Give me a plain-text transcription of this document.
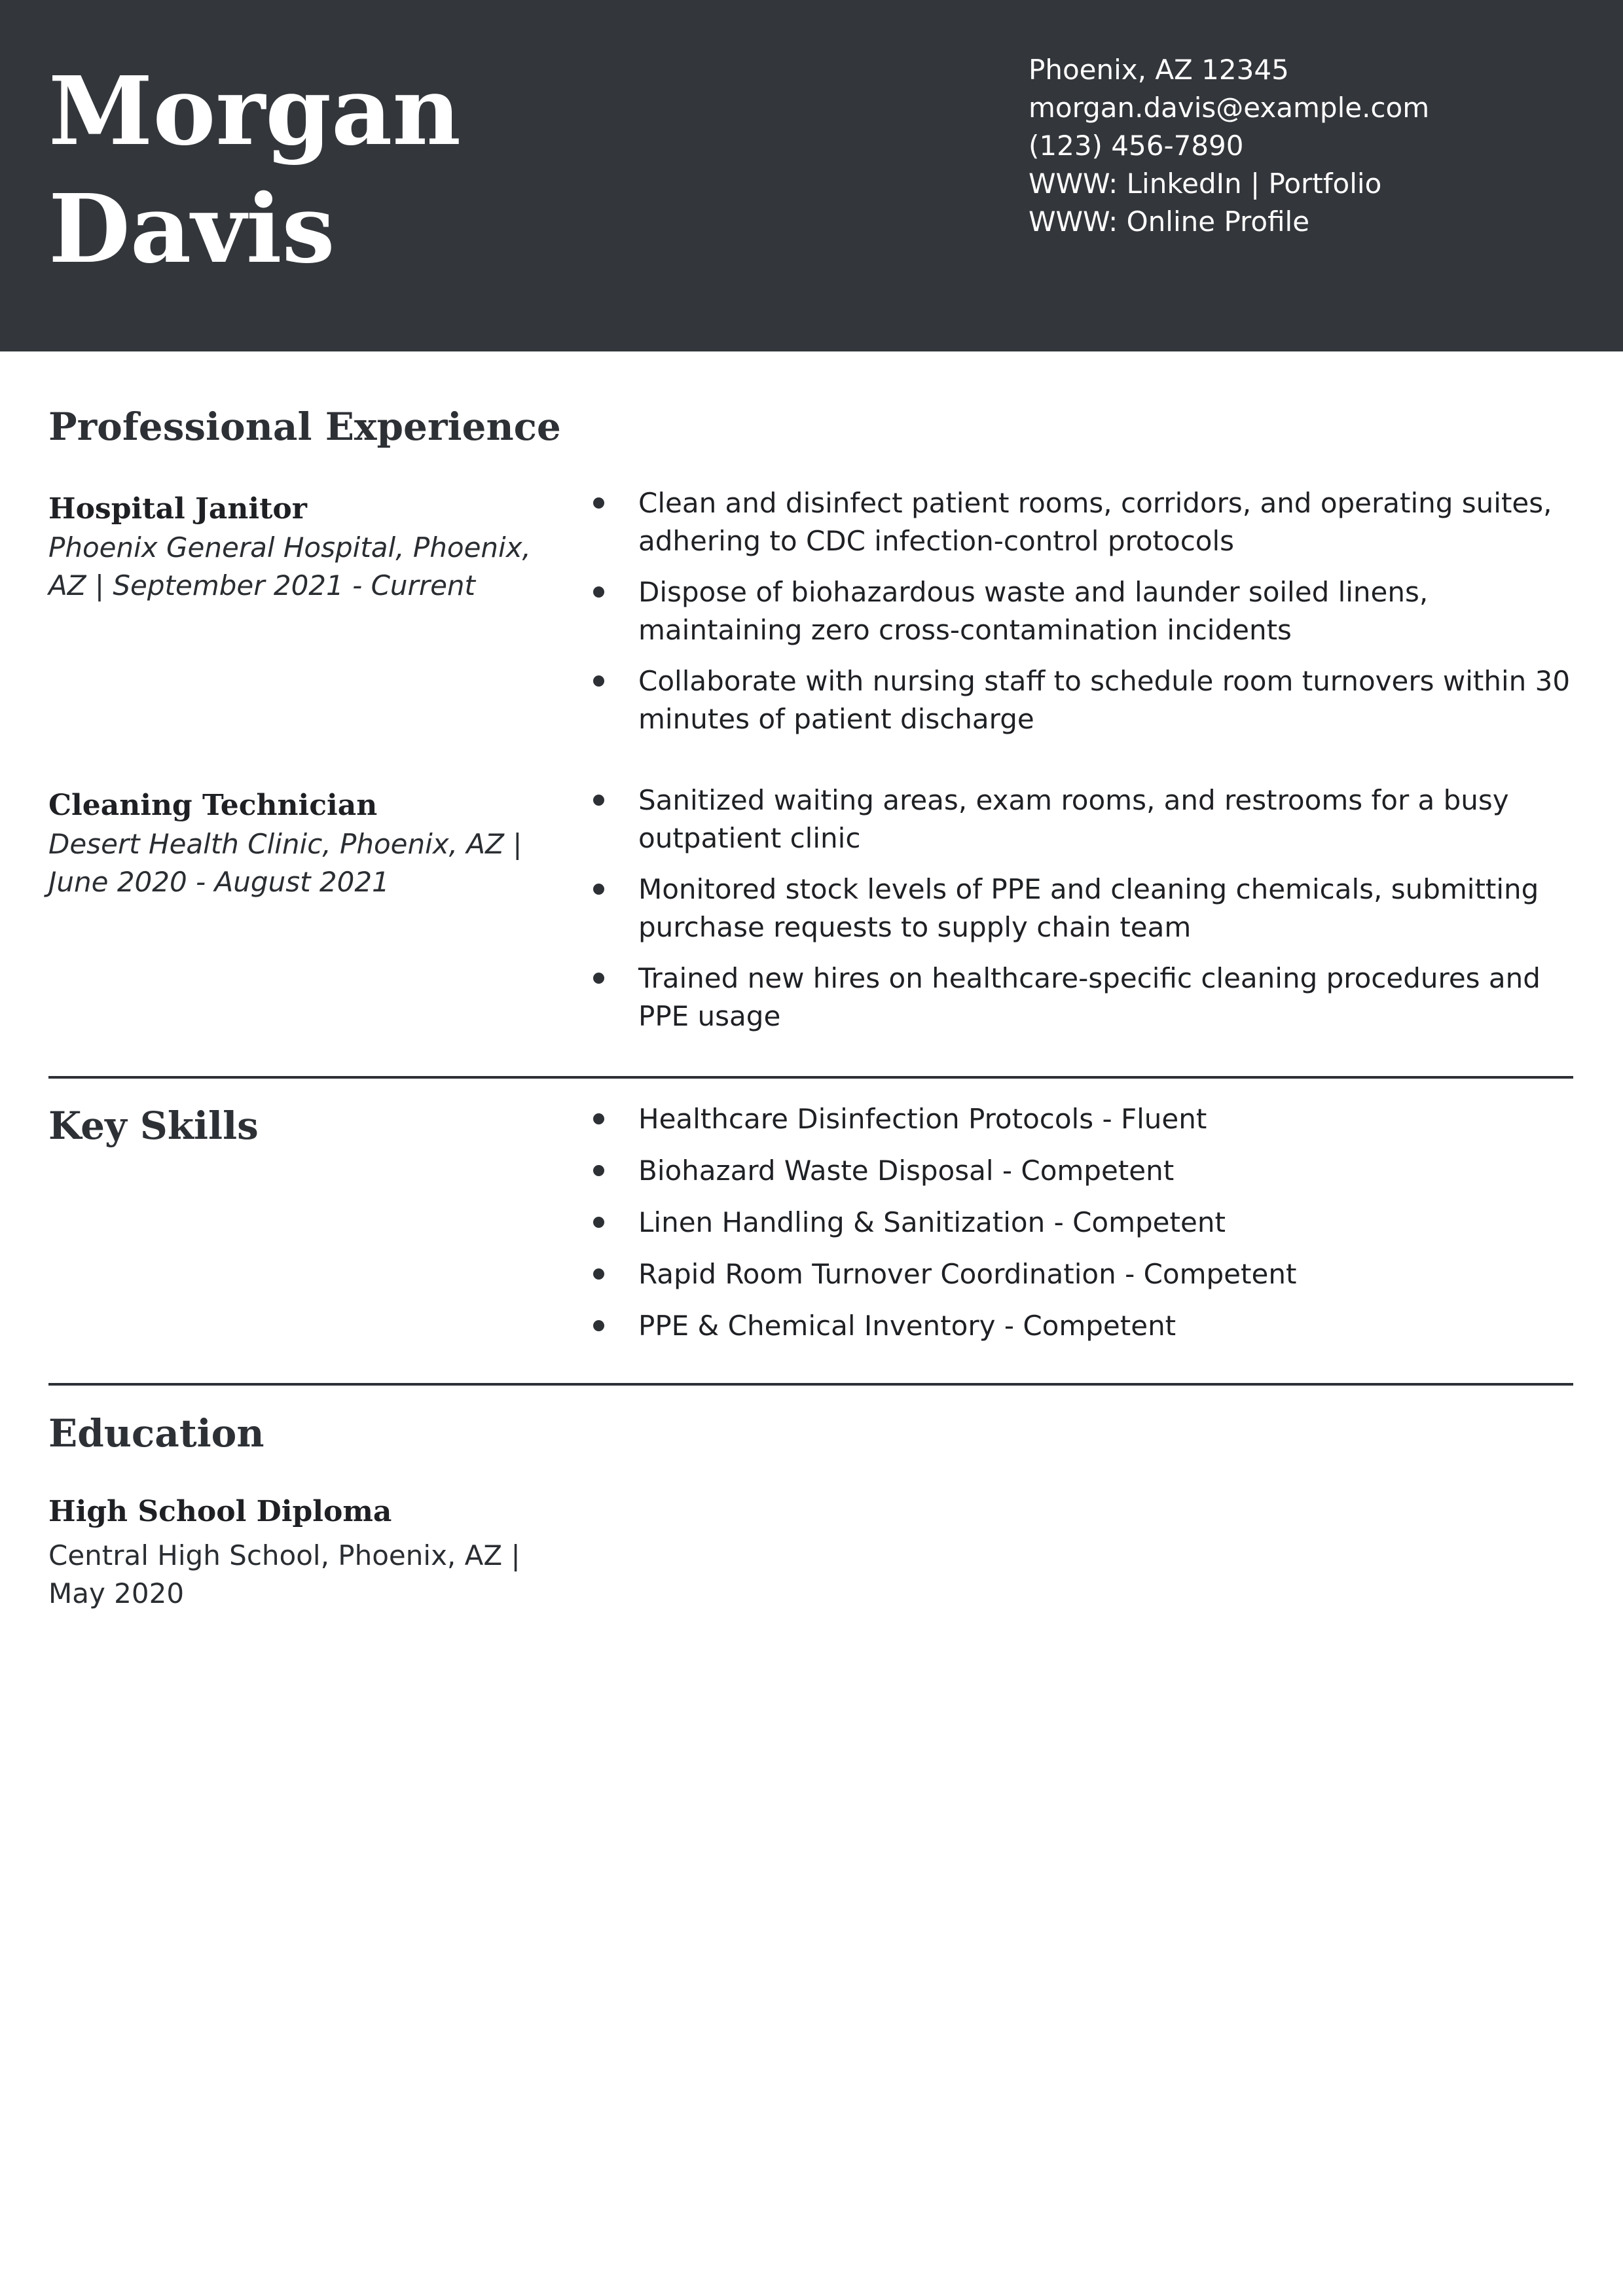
Morgan
Davis
Phoenix, AZ 12345
morgan.davis@example.com
(123) 456-7890
WWW: LinkedIn | Portfolio
WWW: Online Profile
Professional Experience
Hospital Janitor
Phoenix General Hospital, Phoenix, AZ | September 2021 - Current
Clean and disinfect patient rooms, corridors, and operating suites, adhering to CDC infection-control protocols
Dispose of biohazardous waste and launder soiled linens, maintaining zero cross-contamination incidents
Collaborate with nursing staff to schedule room turnovers within 30 minutes of patient discharge
Cleaning Technician
Desert Health Clinic, Phoenix, AZ | June 2020 - August 2021
Sanitized waiting areas, exam rooms, and restrooms for a busy outpatient clinic
Monitored stock levels of PPE and cleaning chemicals, submitting purchase requests to supply chain team
Trained new hires on healthcare-specific cleaning procedures and PPE usage
Key Skills	Healthcare Disinfection Protocols - Fluent
Biohazard Waste Disposal - Competent
Linen Handling & Sanitization - Competent
Rapid Room Turnover Coordination - Competent
PPE & Chemical Inventory - Competent
Education
High School Diploma
Central High School, Phoenix, AZ | May 2020
